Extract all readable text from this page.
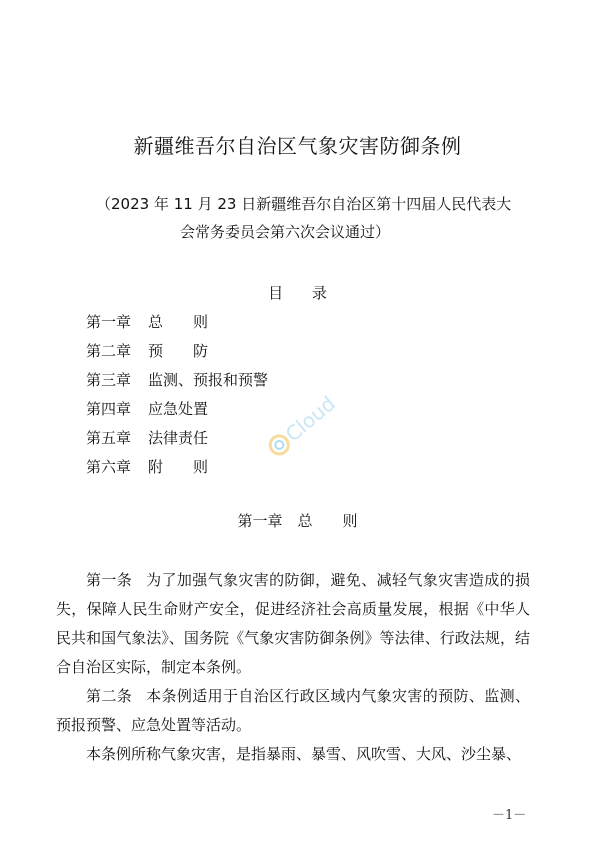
新疆维吾尔自治区气象灾害防御条例
（2023 年 11 月 23 日新疆维吾尔自治区第十四届人民代表大
会常务委员会第六次会议通过）
目 录
第一章	总　　则
第二章	预　　防
第三章	监测、预报和预警
第四章	应急处置
第五章	法律责任
第六章	附　　则
Cloud
第一章　总　　则

第一条 为了加强气象灾害的防御，避免、减轻气象灾害造成的损失，保障人民生命财产安全，促进经济社会高质量发展，根据《中华人民共和国气象法》、国务院《气象灾害防御条例》等法律、行政法规，结合自治区实际，制定本条例。

第二条 本条例适用于自治区行政区域内气象灾害的预防、监测、预报预警、应急处置等活动。

本条例所称气象灾害，是指暴雨、暴雪、风吹雪、大风、沙尘暴、

－1－
